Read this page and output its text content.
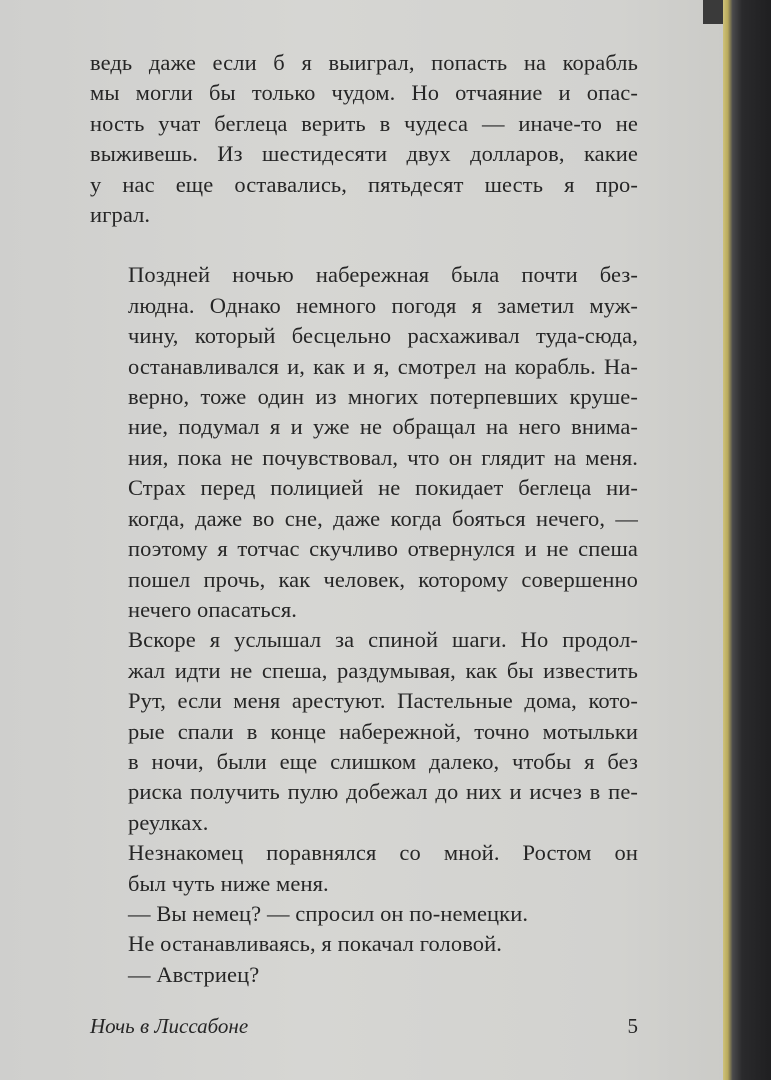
ведь даже если б я выиграл, попасть на корабль
мы могли бы только чудом. Но отчаяние и опас-
ность учат беглеца верить в чудеса — иначе-то не
выживешь. Из шестидесяти двух долларов, какие
у нас еще оставались, пятьдесят шесть я про-
играл.

Поздней ночью набережная была почти без-
людна. Однако немного погодя я заметил муж-
чину, который бесцельно расхаживал туда-сюда,
останавливался и, как и я, смотрел на корабль. На-
верно, тоже один из многих потерпевших круше-
ние, подумал я и уже не обращал на него внима-
ния, пока не почувствовал, что он глядит на меня.
Страх перед полицией не покидает беглеца ни-
когда, даже во сне, даже когда бояться нечего, —
поэтому я тотчас скучливо отвернулся и не спеша
пошел прочь, как человек, которому совершенно
нечего опасаться.

Вскоре я услышал за спиной шаги. Но продол-
жал идти не спеша, раздумывая, как бы известить
Рут, если меня арестуют. Пастельные дома, кото-
рые спали в конце набережной, точно мотыльки
в ночи, были еще слишком далеко, чтобы я без
риска получить пулю добежал до них и исчез в пе-
реулках.

Незнакомец поравнялся со мной. Ростом он
был чуть ниже меня.

— Вы немец? — спросил он по-немецки.

Не останавливаясь, я покачал головой.

— Австриец?

Ночь в Лиссабоне	5
